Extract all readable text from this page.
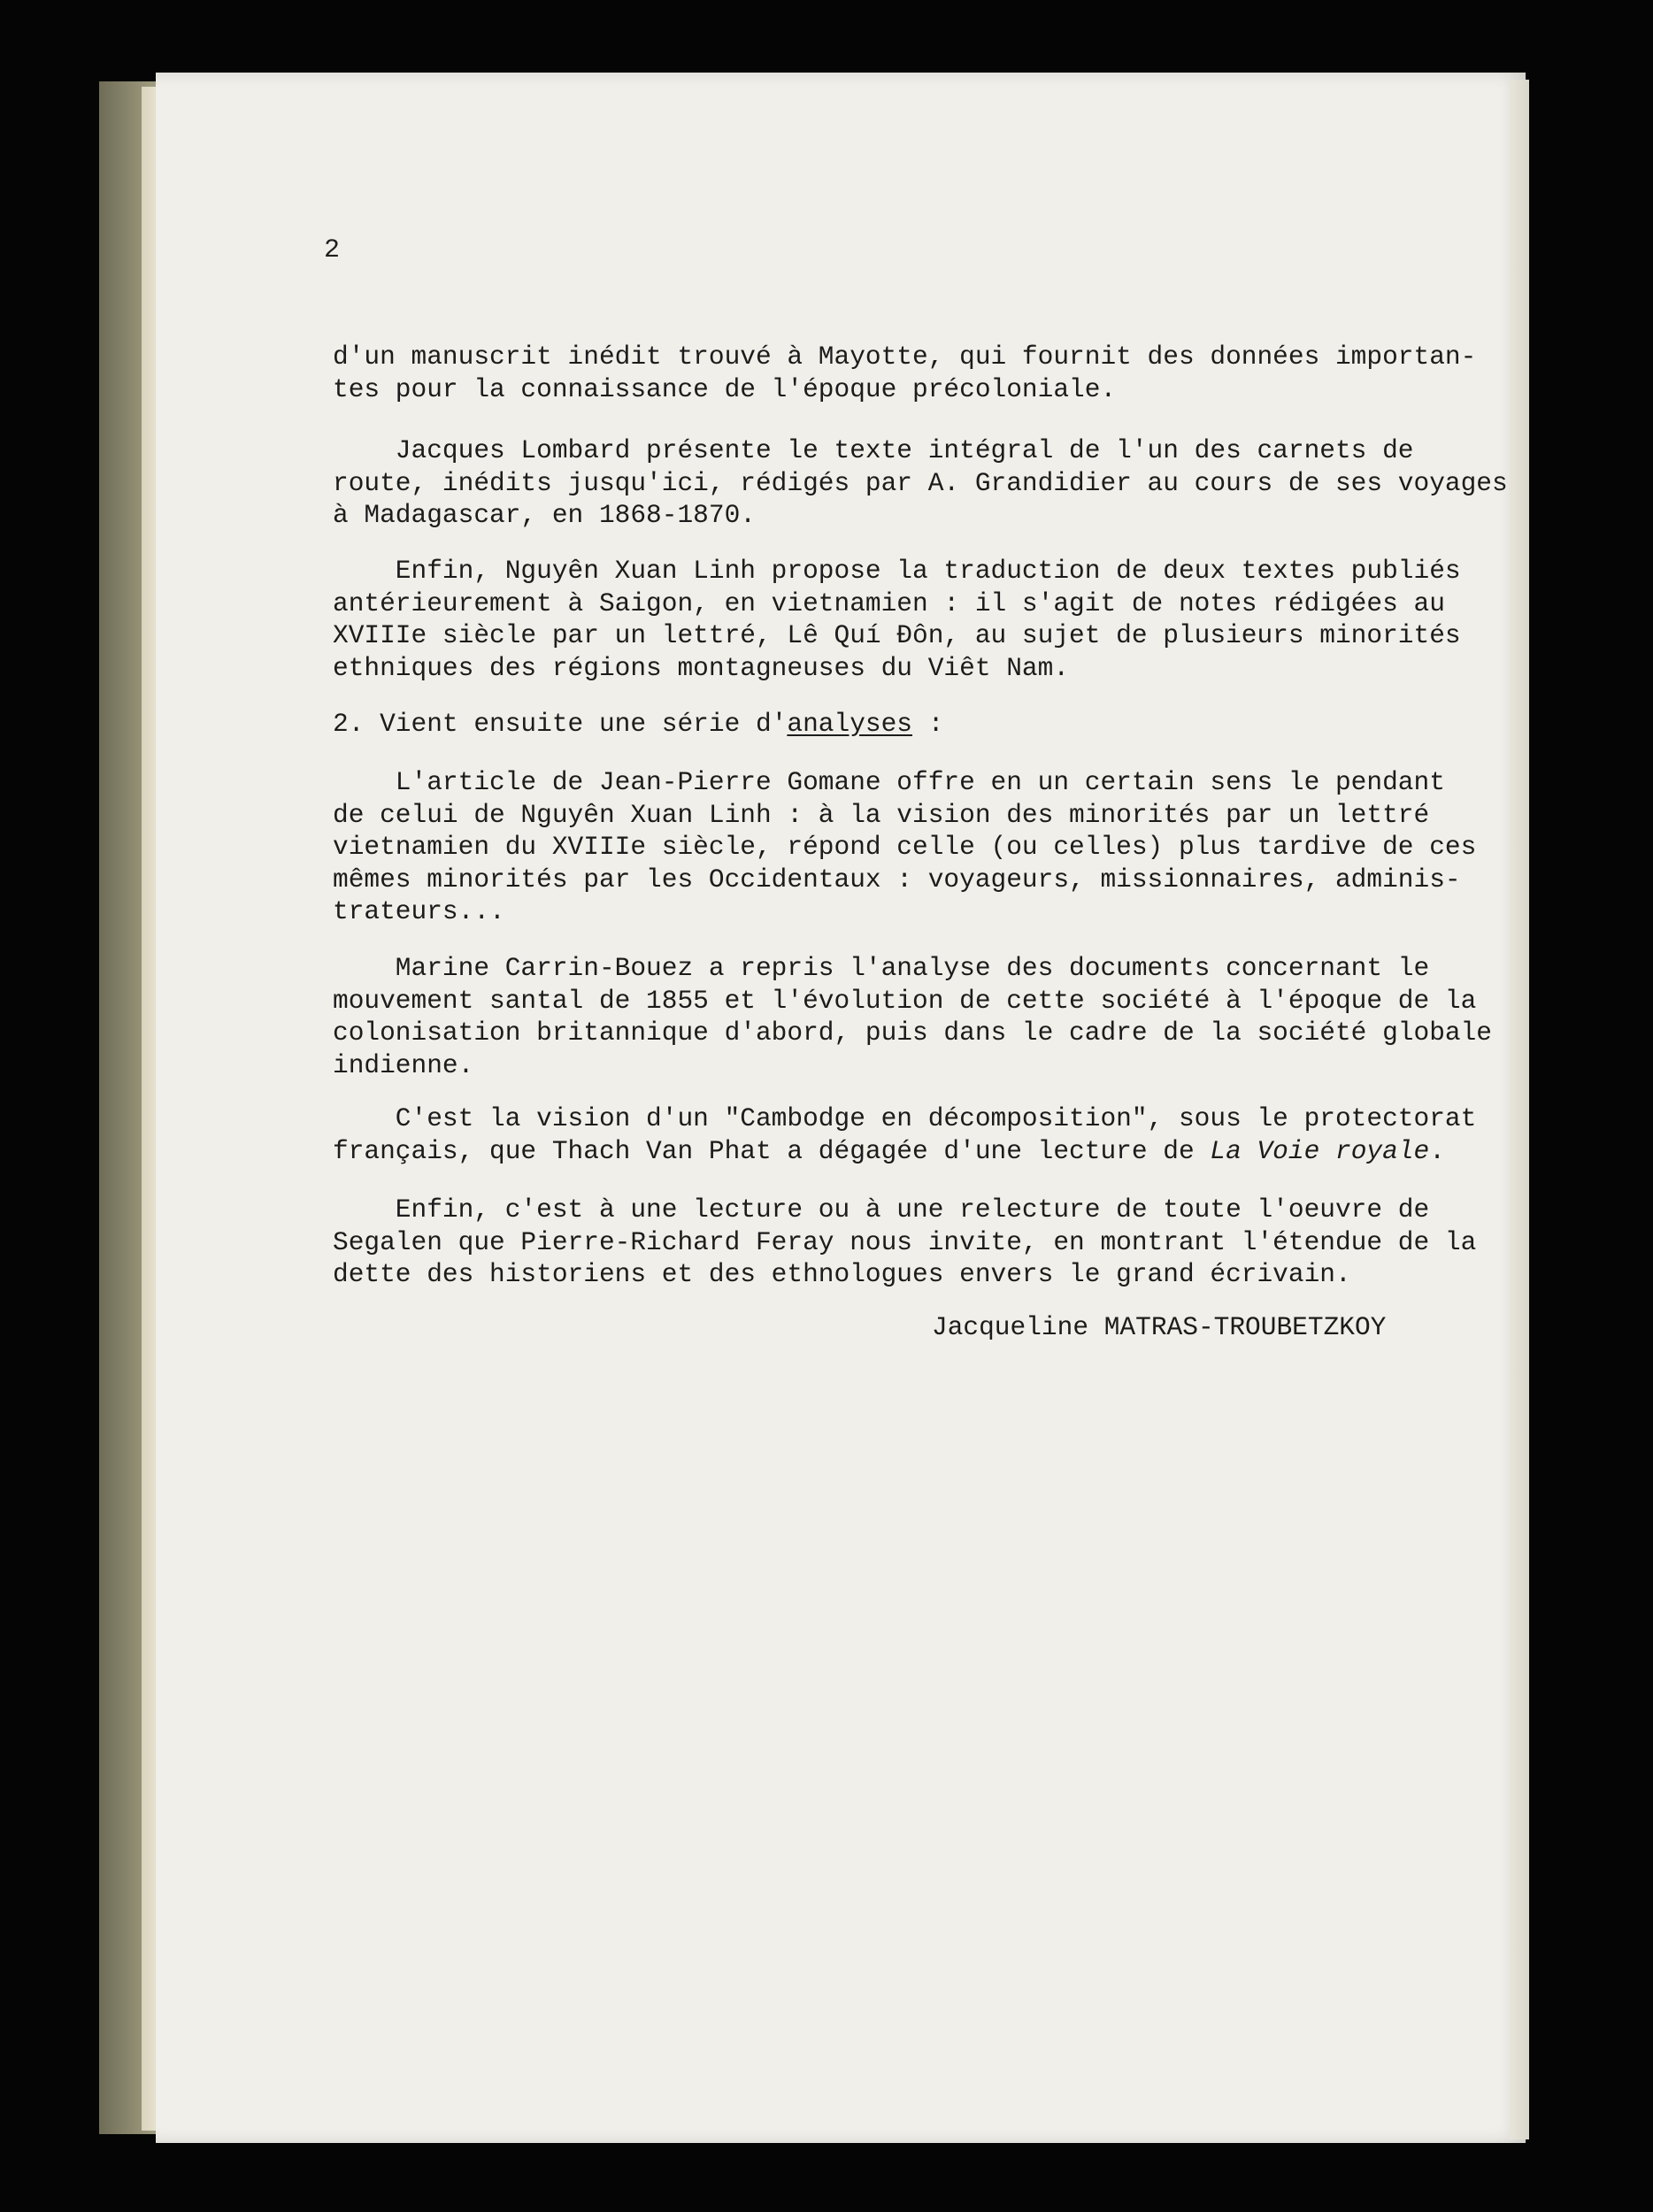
2
d'un manuscrit inédit trouvé à Mayotte, qui fournit des données importan-
tes pour la connaissance de l'époque précoloniale.
Jacques Lombard présente le texte intégral de l'un des carnets de
route, inédits jusqu'ici, rédigés par A. Grandidier au cours de ses voyages
à Madagascar, en 1868-1870.
Enfin, Nguyên Xuan Linh propose la traduction de deux textes publiés
antérieurement à Saigon, en vietnamien : il s'agit de notes rédigées au
XVIIIe siècle par un lettré, Lê Quí Ðôn, au sujet de plusieurs minorités
ethniques des régions montagneuses du Viêt Nam.
2. Vient ensuite une série d'analyses :
L'article de Jean-Pierre Gomane offre en un certain sens le pendant
de celui de Nguyên Xuan Linh : à la vision des minorités par un lettré
vietnamien du XVIIIe siècle, répond celle (ou celles) plus tardive de ces
mêmes minorités par les Occidentaux : voyageurs, missionnaires, adminis-
trateurs...
Marine Carrin-Bouez a repris l'analyse des documents concernant le
mouvement santal de 1855 et l'évolution de cette société à l'époque de la
colonisation britannique d'abord, puis dans le cadre de la société globale
indienne.
C'est la vision d'un "Cambodge en décomposition", sous le protectorat
français, que Thach Van Phat a dégagée d'une lecture de La Voie royale.
Enfin, c'est à une lecture ou à une relecture de toute l'oeuvre de
Segalen que Pierre-Richard Feray nous invite, en montrant l'étendue de la
dette des historiens et des ethnologues envers le grand écrivain.
Jacqueline MATRAS-TROUBETZKOY
